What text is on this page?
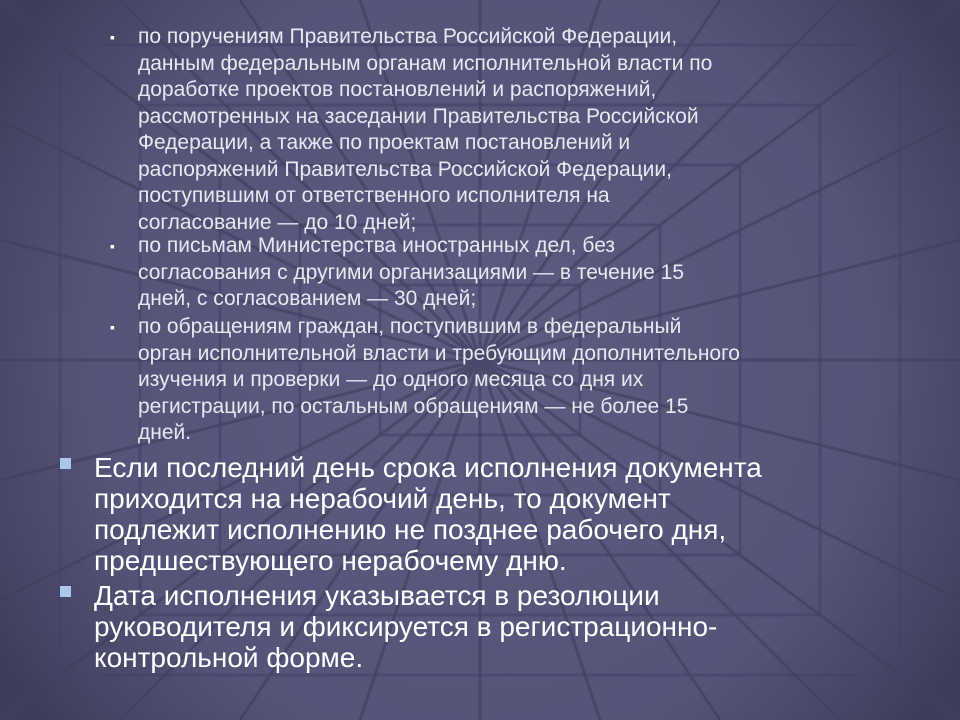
▪ по поручениям Правительства Российской Федерации,
данным федеральным органам исполнительной власти по
доработке проектов постановлений и распоряжений,
рассмотренных на заседании Правительства Российской
Федерации, а также по проектам постановлений и
распоряжений Правительства Российской Федерации,
поступившим от ответственного исполнителя на
согласование — до 10 дней;
▪ по письмам Министерства иностранных дел, без
согласования с другими организациями — в течение 15
дней, с согласованием — 30 дней;
▪ по обращениям граждан, поступившим в федеральный
орган исполнительной власти и требующим дополнительного
изучения и проверки — до одного месяца со дня их
регистрации, по остальным обращениям — не более 15
дней.
Если последний день срока исполнения документа
приходится на нерабочий день, то документ
подлежит исполнению не позднее рабочего дня,
предшествующего нерабочему дню.
Дата исполнения указывается в резолюции
руководителя и фиксируется в регистрационно-
контрольной форме.
